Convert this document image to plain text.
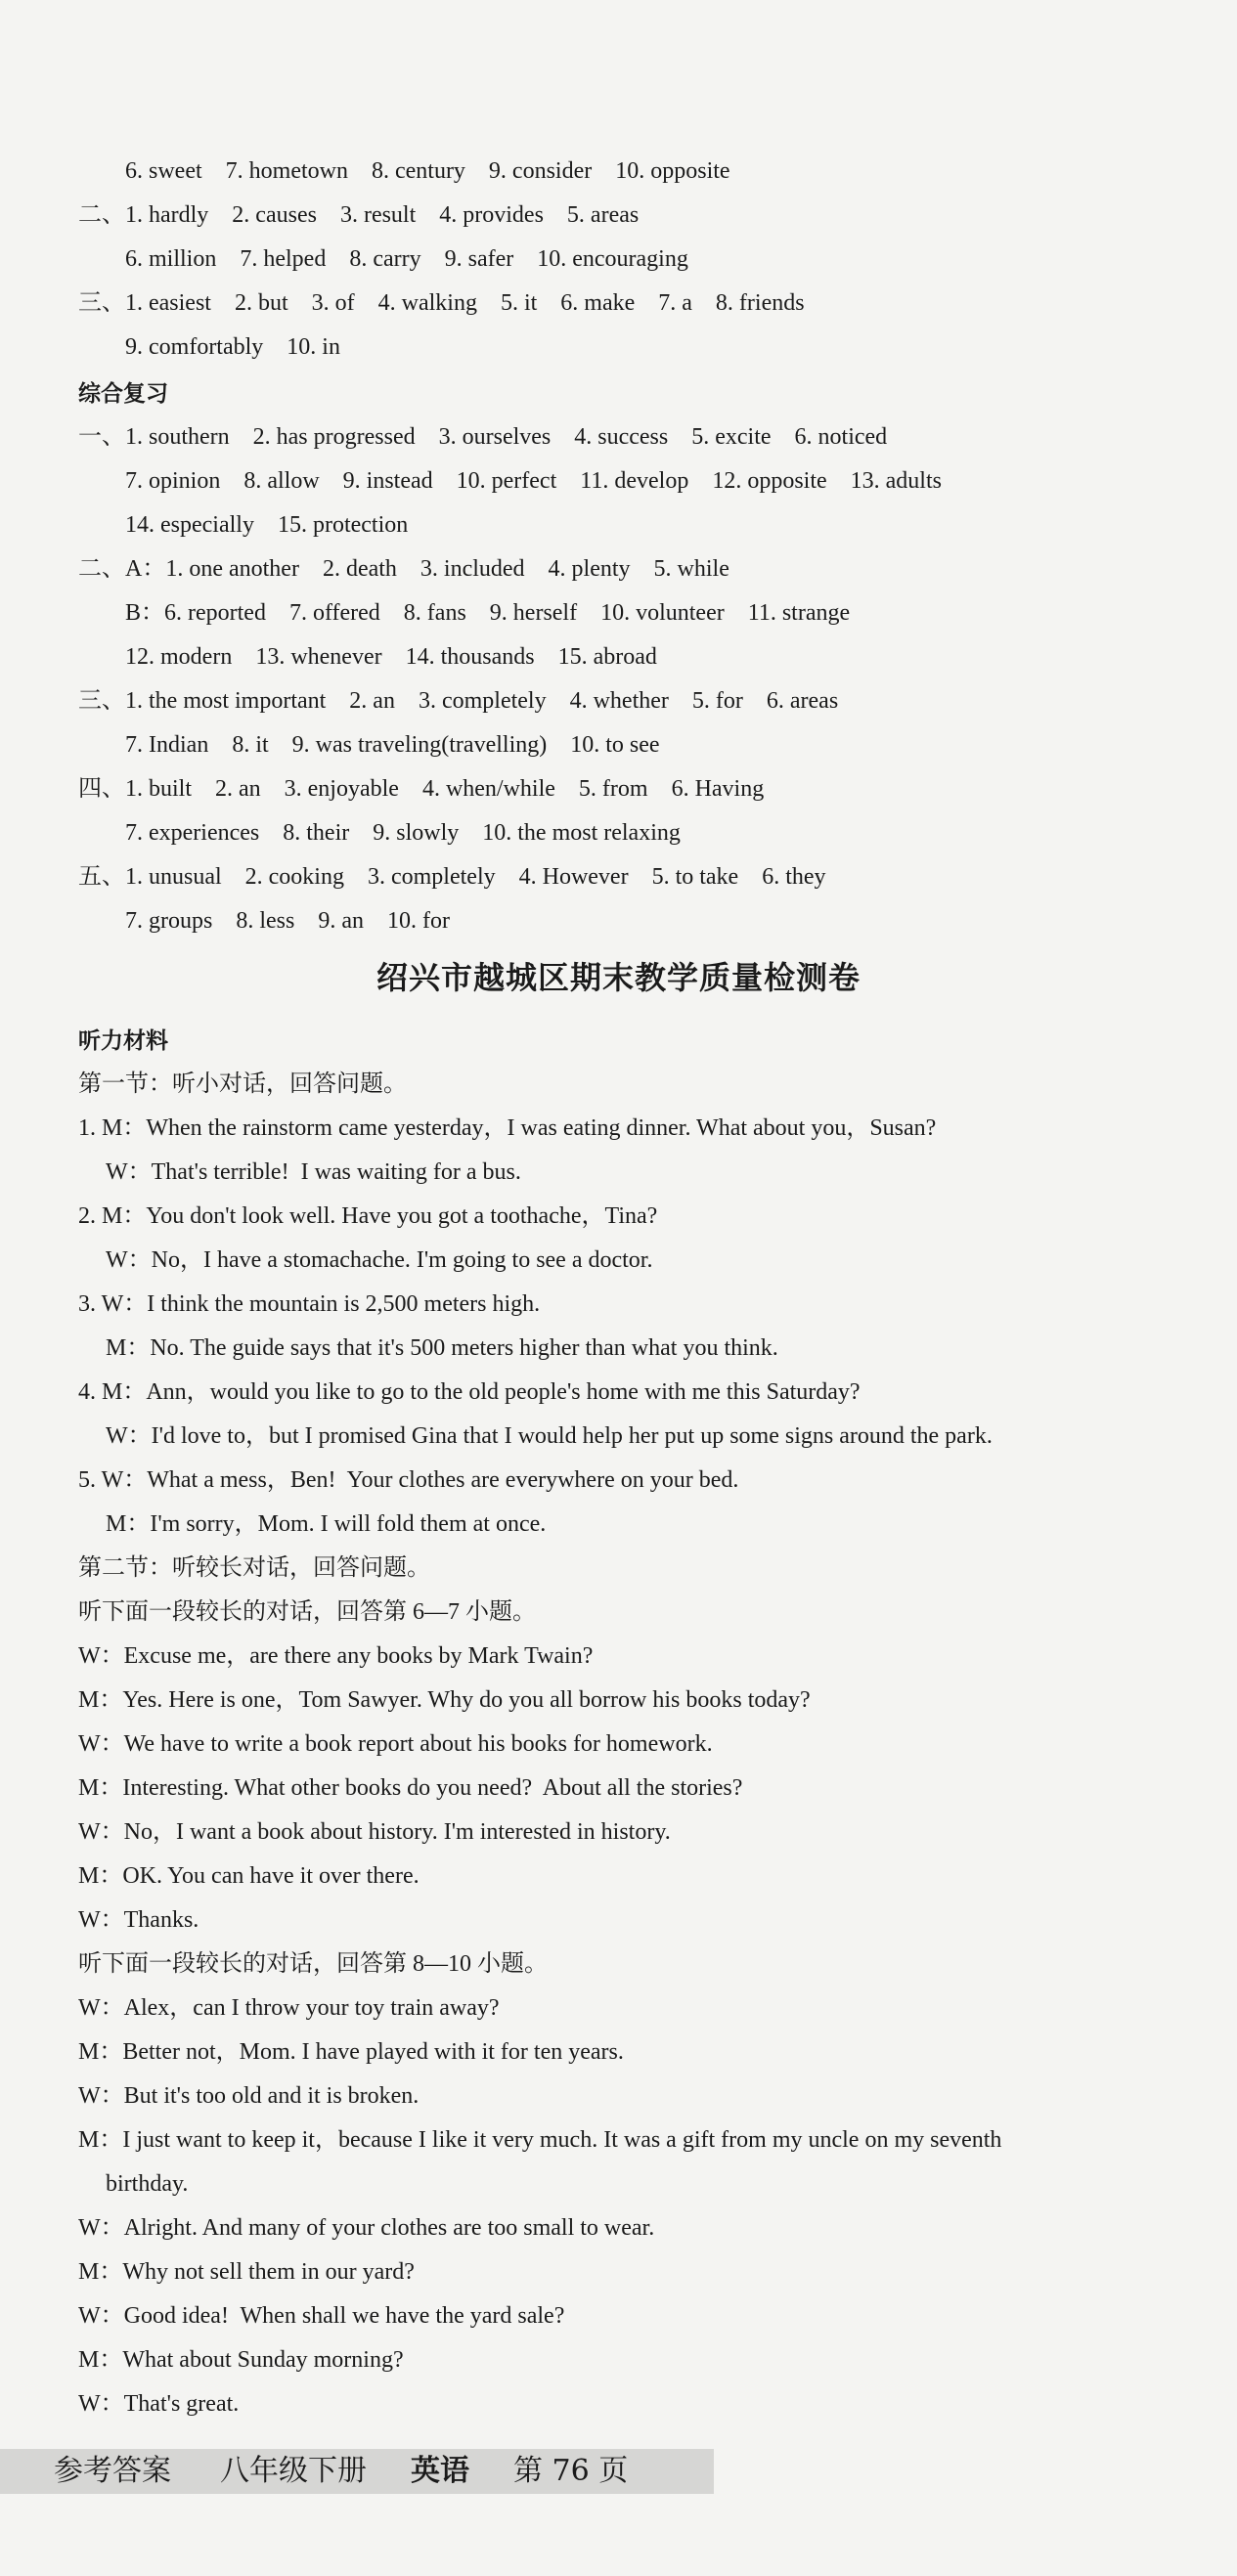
6. sweet    7. hometown    8. century    9. consider    10. opposite
二、1. hardly    2. causes    3. result    4. provides    5. areas
6. million    7. helped    8. carry    9. safer    10. encouraging
三、1. easiest    2. but    3. of    4. walking    5. it    6. make    7. a    8. friends
9. comfortably    10. in
综合复习
一、1. southern    2. has progressed    3. ourselves    4. success    5. excite    6. noticed
7. opinion    8. allow    9. instead    10. perfect    11. develop    12. opposite    13. adults
14. especially    15. protection
二、A：1. one another    2. death    3. included    4. plenty    5. while
B：6. reported    7. offered    8. fans    9. herself    10. volunteer    11. strange
12. modern    13. whenever    14. thousands    15. abroad
三、1. the most important    2. an    3. completely    4. whether    5. for    6. areas
7. Indian    8. it    9. was traveling(travelling)    10. to see
四、1. built    2. an    3. enjoyable    4. when/while    5. from    6. Having
7. experiences    8. their    9. slowly    10. the most relaxing
五、1. unusual    2. cooking    3. completely    4. However    5. to take    6. they
7. groups    8. less    9. an    10. for
绍兴市越城区期末教学质量检测卷
听力材料
第一节：听小对话，回答问题。
1. M：When the rainstorm came yesterday，I was eating dinner. What about you，Susan?
W：That's terrible!  I was waiting for a bus.
2. M：You don't look well. Have you got a toothache，Tina?
W：No，I have a stomachache. I'm going to see a doctor.
3. W：I think the mountain is 2,500 meters high.
M：No. The guide says that it's 500 meters higher than what you think.
4. M：Ann，would you like to go to the old people's home with me this Saturday?
W：I'd love to，but I promised Gina that I would help her put up some signs around the park.
5. W：What a mess，Ben!  Your clothes are everywhere on your bed.
M：I'm sorry，Mom. I will fold them at once.
第二节：听较长对话，回答问题。
听下面一段较长的对话，回答第 6—7 小题。
W：Excuse me，are there any books by Mark Twain?
M：Yes. Here is one，Tom Sawyer. Why do you all borrow his books today?
W：We have to write a book report about his books for homework.
M：Interesting. What other books do you need?  About all the stories?
W：No，I want a book about history. I'm interested in history.
M：OK. You can have it over there.
W：Thanks.
听下面一段较长的对话，回答第 8—10 小题。
W：Alex，can I throw your toy train away?
M：Better not，Mom. I have played with it for ten years.
W：But it's too old and it is broken.
M：I just want to keep it，because I like it very much. It was a gift from my uncle on my seventh
birthday.
W：Alright. And many of your clothes are too small to wear.
M：Why not sell them in our yard?
W：Good idea!  When shall we have the yard sale?
M：What about Sunday morning?
W：That's great.
参考答案 八年级下册 英语 第 76 页
